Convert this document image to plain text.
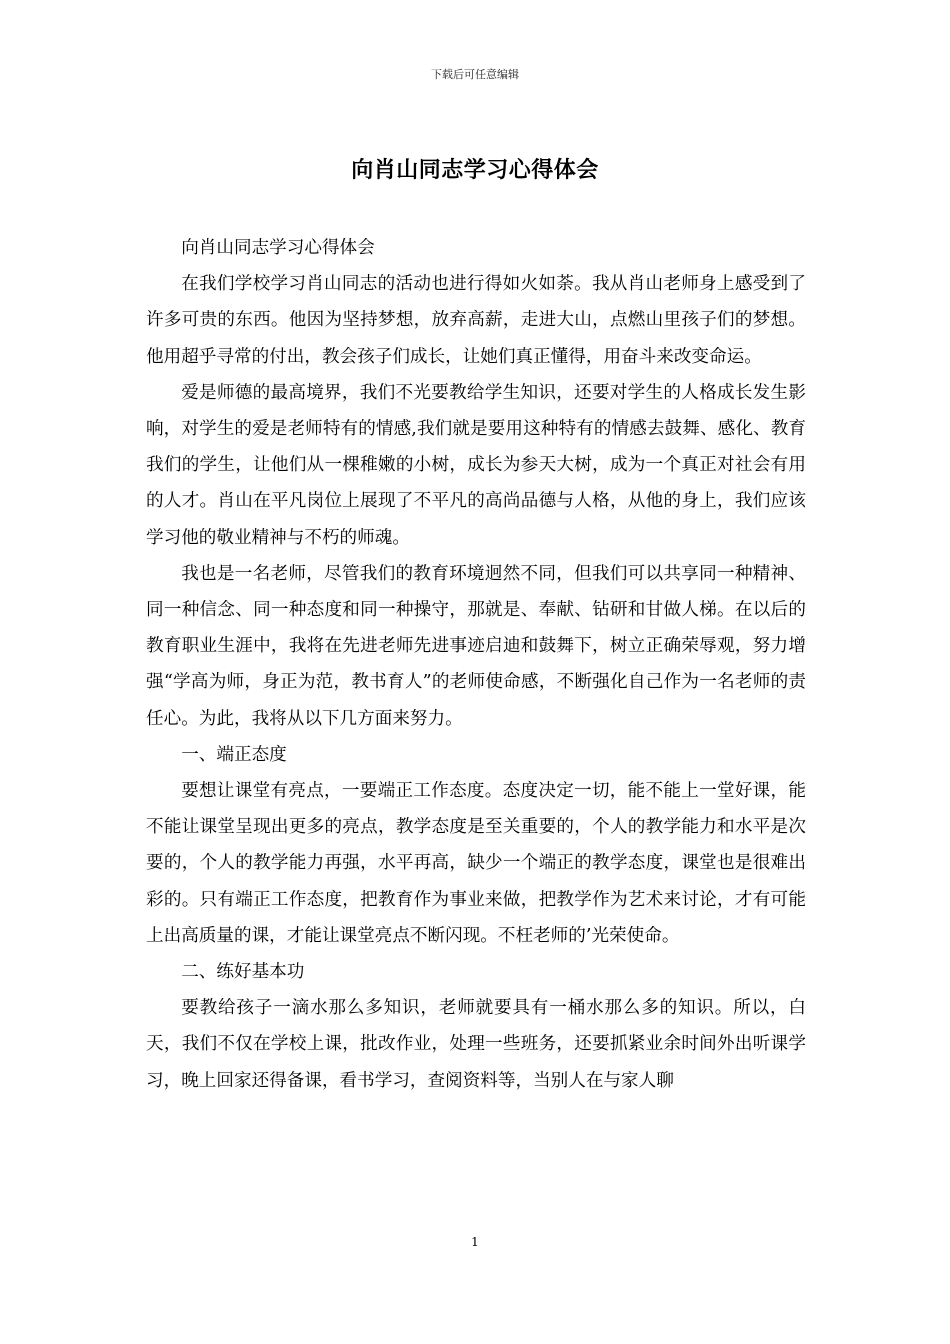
下载后可任意编辑
向肖山同志学习心得体会

向肖山同志学习心得体会

在我们学校学习肖山同志的活动也进行得如火如荼。我从肖山老师身上感受到了许多可贵的东西。他因为坚持梦想，放弃高薪，走进大山，点燃山里孩子们的梦想。他用超乎寻常的付出，教会孩子们成长，让她们真正懂得，用奋斗来改变命运。

爱是师德的最高境界，我们不光要教给学生知识，还要对学生的人格成长发生影响，对学生的爱是老师特有的情感,我们就是要用这种特有的情感去鼓舞、感化、教育我们的学生，让他们从一棵稚嫩的小树，成长为参天大树，成为一个真正对社会有用的人才。肖山在平凡岗位上展现了不平凡的高尚品德与人格，从他的身上，我们应该学习他的敬业精神与不朽的师魂。

我也是一名老师，尽管我们的教育环境迥然不同，但我们可以共享同一种精神、同一种信念、同一种态度和同一种操守，那就是、奉献、钻研和甘做人梯。在以后的教育职业生涯中，我将在先进老师先进事迹启迪和鼓舞下，树立正确荣辱观，努力增强“学高为师，身正为范，教书育人”的老师使命感，不断强化自己作为一名老师的责任心。为此，我将从以下几方面来努力。

一、端正态度

要想让课堂有亮点，一要端正工作态度。态度决定一切，能不能上一堂好课，能不能让课堂呈现出更多的亮点，教学态度是至关重要的，个人的教学能力和水平是次要的，个人的教学能力再强，水平再高，缺少一个端正的教学态度，课堂也是很难出彩的。只有端正工作态度，把教育作为事业来做，把教学作为艺术来讨论，才有可能上出高质量的课，才能让课堂亮点不断闪现。不枉老师的’光荣使命。

二、练好基本功

要教给孩子一滴水那么多知识，老师就要具有一桶水那么多的知识。所以，白天，我们不仅在学校上课，批改作业，处理一些班务，还要抓紧业余时间外出听课学习，晚上回家还得备课，看书学习，查阅资料等，当别人在与家人聊

1
